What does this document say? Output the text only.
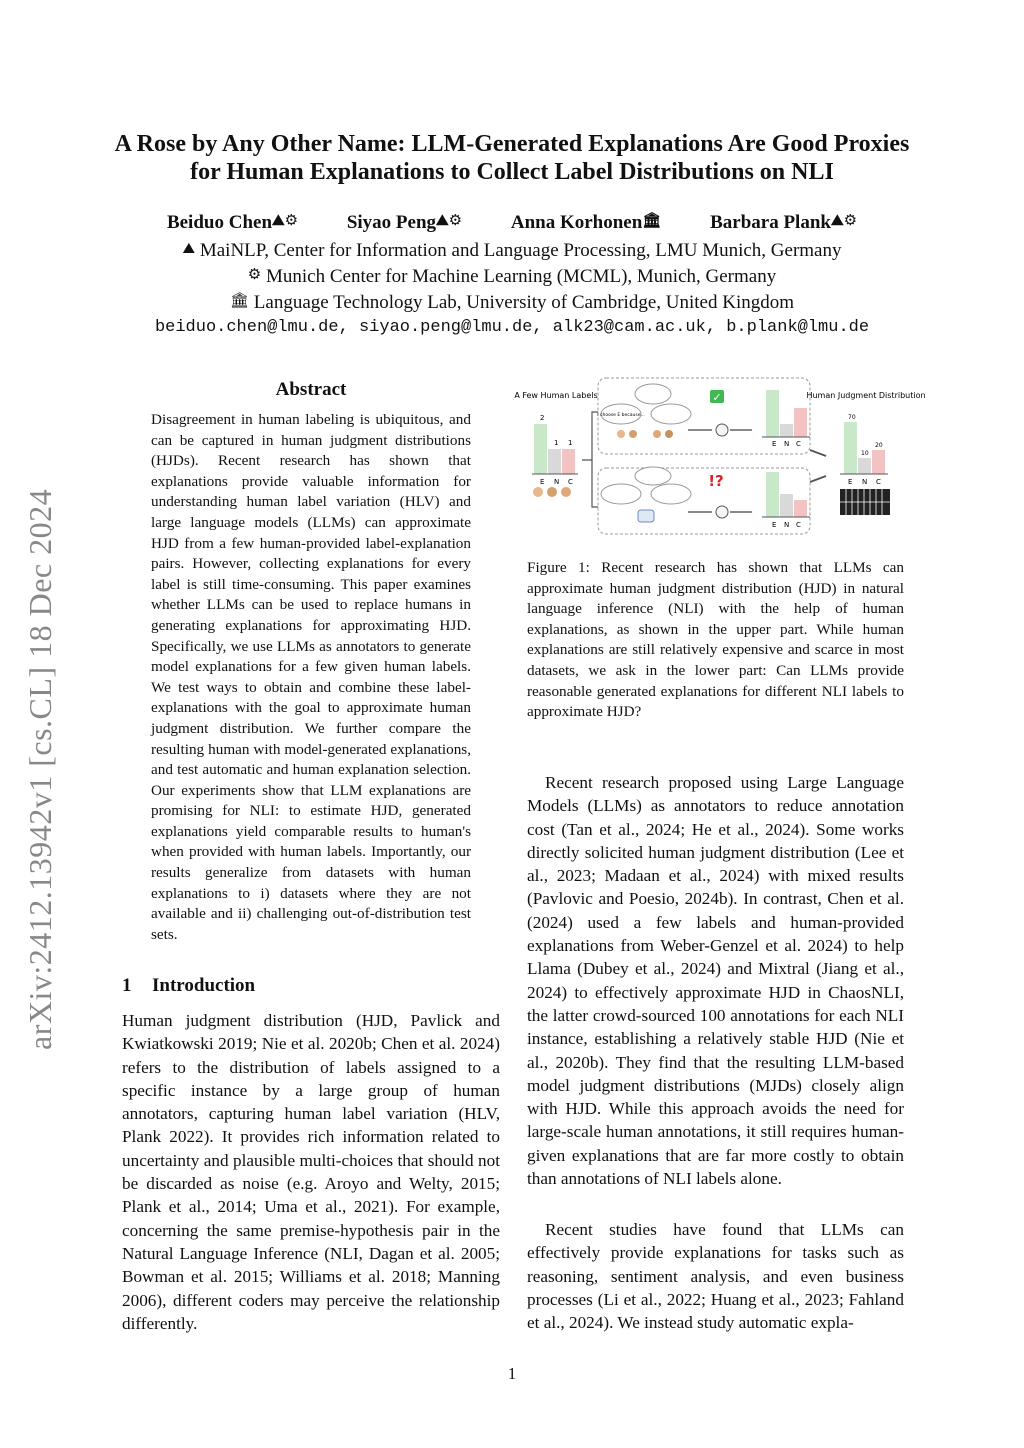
arXiv:2412.13942v1 [cs.CL] 18 Dec 2024
A Rose by Any Other Name: LLM-Generated Explanations Are Good Proxies for Human Explanations to Collect Label Distributions on NLI
Beiduo Chen⛰⚙	Siyao Peng⛰⚙	Anna Korhonen🏛	Barbara Plank⛰⚙
⛰ MaiNLP, Center for Information and Language Processing, LMU Munich, Germany
⚙ Munich Center for Machine Learning (MCML), Munich, Germany
🏛 Language Technology Lab, University of Cambridge, United Kingdom
beiduo.chen@lmu.de, siyao.peng@lmu.de, alk23@cam.ac.uk, b.plank@lmu.de
Abstract
Disagreement in human labeling is ubiquitous, and can be captured in human judgment distributions (HJDs). Recent research has shown that explanations provide valuable information for understanding human label variation (HLV) and large language models (LLMs) can approximate HJD from a few human-provided label-explanation pairs. However, collecting explanations for every label is still time-consuming. This paper examines whether LLMs can be used to replace humans in generating explanations for approximating HJD. Specifically, we use LLMs as annotators to generate model explanations for a few given human labels. We test ways to obtain and combine these label-explanations with the goal to approximate human judgment distribution. We further compare the resulting human with model-generated explanations, and test automatic and human explanation selection. Our experiments show that LLM explanations are promising for NLI: to estimate HJD, generated explanations yield comparable results to human's when provided with human labels. Importantly, our results generalize from datasets with human explanations to i) datasets where they are not available and ii) challenging out-of-distribution test sets.
1 Introduction
Human judgment distribution (HJD, Pavlick and Kwiatkowski 2019; Nie et al. 2020b; Chen et al. 2024) refers to the distribution of labels assigned to a specific instance by a large group of human annotators, capturing human label variation (HLV, Plank 2022). It provides rich information related to uncertainty and plausible multi-choices that should not be discarded as noise (e.g. Aroyo and Welty, 2015; Plank et al., 2014; Uma et al., 2021). For example, concerning the same premise-hypothesis pair in the Natural Language Inference (NLI, Dagan et al. 2005; Bowman et al. 2015; Williams et al. 2018; Manning 2006), different coders may perceive the relationship differently.
A Few Human Labels
2
1 1
E N C
I choose E because...
✓
E N C
!?
E N C
Human Judgment Distribution
70
20
10
E N C
Figure 1: Recent research has shown that LLMs can approximate human judgment distribution (HJD) in natural language inference (NLI) with the help of human explanations, as shown in the upper part. While human explanations are still relatively expensive and scarce in most datasets, we ask in the lower part: Can LLMs provide reasonable generated explanations for different NLI labels to approximate HJD?
Recent research proposed using Large Language Models (LLMs) as annotators to reduce annotation cost (Tan et al., 2024; He et al., 2024). Some works directly solicited human judgment distribution (Lee et al., 2023; Madaan et al., 2024) with mixed results (Pavlovic and Poesio, 2024b). In contrast, Chen et al. (2024) used a few labels and human-provided explanations from Weber-Genzel et al. 2024) to help Llama (Dubey et al., 2024) and Mixtral (Jiang et al., 2024) to effectively approximate HJD in ChaosNLI, the latter crowd-sourced 100 annotations for each NLI instance, establishing a relatively stable HJD (Nie et al., 2020b). They find that the resulting LLM-based model judgment distributions (MJDs) closely align with HJD. While this approach avoids the need for large-scale human annotations, it still requires human-given explanations that are far more costly to obtain than annotations of NLI labels alone.
Recent studies have found that LLMs can effectively provide explanations for tasks such as reasoning, sentiment analysis, and even business processes (Li et al., 2022; Huang et al., 2023; Fahland et al., 2024). We instead study automatic expla-
1
